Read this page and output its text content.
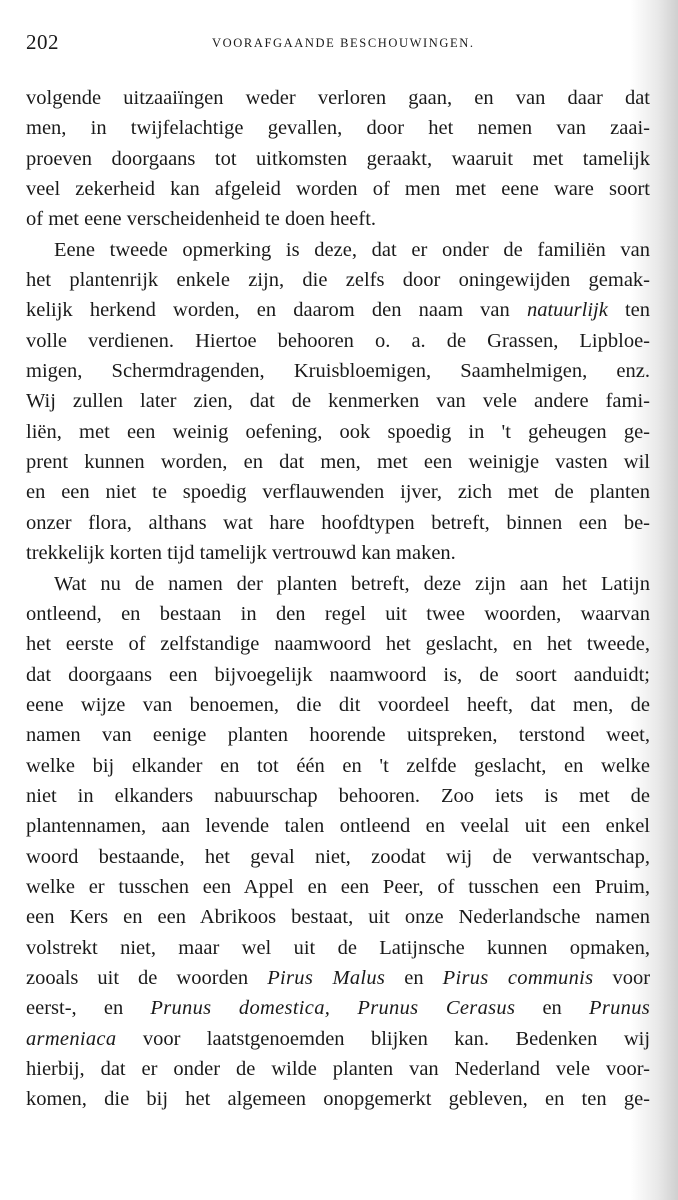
202	VOORAFGAANDE BESCHOUWINGEN.
volgende uitzaaiïngen weder verloren gaan, en van daar dat
men, in twijfelachtige gevallen, door het nemen van zaai-
proeven doorgaans tot uitkomsten geraakt, waaruit met tamelijk
veel zekerheid kan afgeleid worden of men met eene ware soort
of met eene verscheidenheid te doen heeft.
Eene tweede opmerking is deze, dat er onder de familiën van
het plantenrijk enkele zijn, die zelfs door oningewijden gemak-
kelijk herkend worden, en daarom den naam van natuurlijk ten
volle verdienen. Hiertoe behooren o. a. de Grassen, Lipbloe-
migen, Schermdragenden, Kruisbloemigen, Saamhelmigen, enz.
Wij zullen later zien, dat de kenmerken van vele andere fami-
liën, met een weinig oefening, ook spoedig in 't geheugen ge-
prent kunnen worden, en dat men, met een weinigje vasten wil
en een niet te spoedig verflauwenden ijver, zich met de planten
onzer flora, althans wat hare hoofdtypen betreft, binnen een be-
trekkelijk korten tijd tamelijk vertrouwd kan maken.
Wat nu de namen der planten betreft, deze zijn aan het Latijn
ontleend, en bestaan in den regel uit twee woorden, waarvan
het eerste of zelfstandige naamwoord het geslacht, en het tweede,
dat doorgaans een bijvoegelijk naamwoord is, de soort aanduidt;
eene wijze van benoemen, die dit voordeel heeft, dat men, de
namen van eenige planten hoorende uitspreken, terstond weet,
welke bij elkander en tot één en 't zelfde geslacht, en welke
niet in elkanders nabuurschap behooren. Zoo iets is met de
plantennamen, aan levende talen ontleend en veelal uit een enkel
woord bestaande, het geval niet, zoodat wij de verwantschap,
welke er tusschen een Appel en een Peer, of tusschen een Pruim,
een Kers en een Abrikoos bestaat, uit onze Nederlandsche namen
volstrekt niet, maar wel uit de Latijnsche kunnen opmaken,
zooals uit de woorden Pirus Malus en Pirus communis voor
eerst-, en Prunus domestica, Prunus Cerasus en Prunus
armeniaca voor laatstgenoemden blijken kan. Bedenken wij
hierbij, dat er onder de wilde planten van Nederland vele voor-
komen, die bij het algemeen onopgemerkt gebleven, en ten ge-
